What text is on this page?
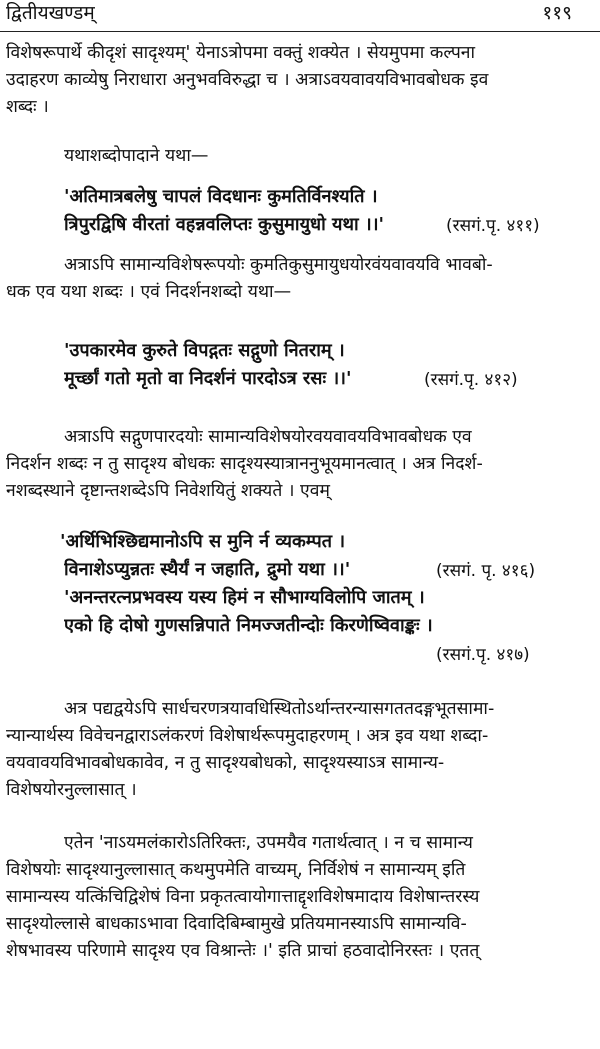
द्वितीयखण्डम्	११९
विशेषरूपार्थे कीदृशं सादृश्यम्' येनाऽत्रोपमा वक्तुं शक्येत । सेयमुपमा कल्पना
उदाहरण काव्येषु निराधारा अनुभवविरुद्धा च । अत्राऽवयवावयविभावबोधक इव
शब्दः ।
यथाशब्दोपादाने यथा—
'अतिमात्रबलेषु चापलं विदधानः कुमतिर्विनश्यति ।
त्रिपुरद्विषि वीरतां वहन्नवलिप्तः कुसुमायुधो यथा ।।'	(रसगं.पृ. ४११)
अत्राऽपि सामान्यविशेषरूपयोः कुमतिकुसुमायुधयोरवंयवावयवि भावबो-
धक एव यथा शब्दः । एवं निदर्शनशब्दो यथा—
'उपकारमेव कुरुते विपद्गतः सद्गुणो नितराम् ।
मूर्च्छां गतो मृतो वा निदर्शनं पारदोऽत्र रसः ।।'	(रसगं.पृ. ४१२)
अत्राऽपि सद्गुणपारदयोः सामान्यविशेषयोरवयवावयविभावबोधक एव
निदर्शन शब्दः न तु सादृश्य बोधकः सादृश्यस्यात्राननुभूयमानत्वात् । अत्र निदर्श-
नशब्दस्थाने दृष्टान्तशब्देऽपि निवेशयितुं शक्यते । एवम्
'अर्थिभिश्छिद्यमानोऽपि स मुनि र्न व्यकम्पत ।
विनाशेऽप्युन्नतः स्थैर्यं न जहाति, द्रुमो यथा ।।'	(रसगं. पृ. ४१६)
'अनन्तरत्नप्रभवस्य यस्य हिमं न सौभाग्यविलोपि जातम् ।
एको हि दोषो गुणसन्निपाते निमज्जतीन्दोः किरणेष्विवाङ्कः ।
(रसगं.पृ. ४१७)
अत्र पद्यद्वयेऽपि सार्धचरणत्रयावधिस्थितोऽर्थान्तरन्यासगततदङ्गभूतसामा-
न्यान्यार्थस्य विवेचनद्वाराऽलंकरणं विशेषार्थरूपमुदाहरणम् । अत्र इव यथा शब्दा-
वयवावयविभावबोधकावेव, न तु सादृश्यबोधको, सादृश्यस्याऽत्र सामान्य-
विशेषयोरनुल्लासात् ।
एतेन 'नाऽयमलंकारोऽतिरिक्तः, उपमयैव गतार्थत्वात् । न च सामान्य
विशेषयोः सादृश्यानुल्लासात् कथमुपमेति वाच्यम्, निर्विशेषं न सामान्यम् इति
सामान्यस्य यत्किंचिद्विशेषं विना प्रकृतत्वायोगात्ताद्दृशविशेषमादाय विशेषान्तरस्य
सादृश्योल्लासे बाधकाऽभावा दिवादिबिम्बामुखे प्रतियमानस्याऽपि सामान्यवि-
शेषभावस्य परिणामे सादृश्य एव विश्रान्तेः ।' इति प्राचां हठवादोनिरस्तः । एतत्
